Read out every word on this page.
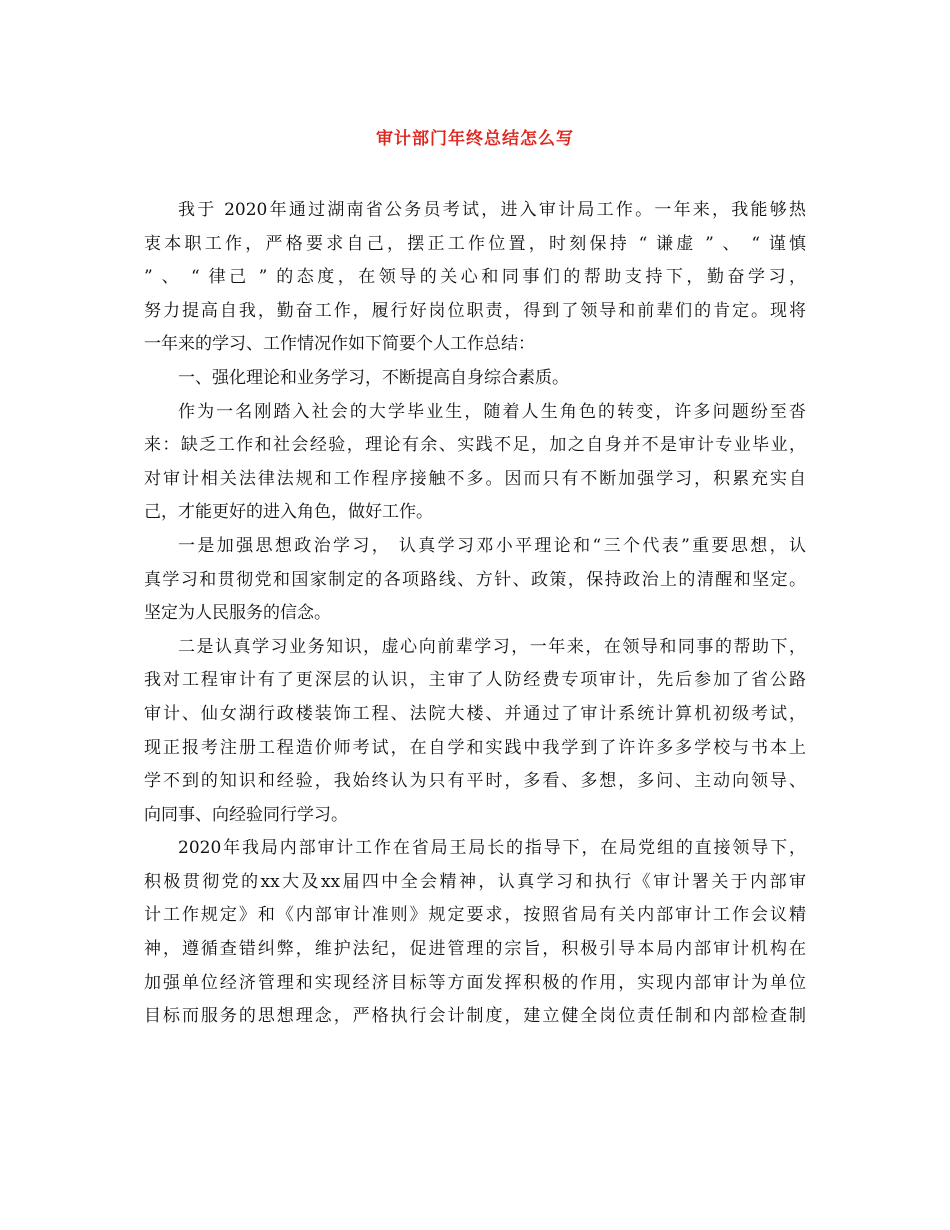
审计部门年终总结怎么写
我于 2020年通过湖南省公务员考试，进入审计局工作。一年来，我能够热
衷本职工作，严格要求自己，摆正工作位置，时刻保持 “ 谦虚 ” 、 “ 谨慎
” 、 “ 律己 ” 的态度，在领导的关心和同事们的帮助支持下，勤奋学习，
努力提高自我，勤奋工作，履行好岗位职责，得到了领导和前辈们的肯定。现将
一年来的学习、工作情况作如下简要个人工作总结：
一、强化理论和业务学习，不断提高自身综合素质。
作为一名刚踏入社会的大学毕业生，随着人生角色的转变，许多问题纷至沓
来：缺乏工作和社会经验，理论有余、实践不足，加之自身并不是审计专业毕业，
对审计相关法律法规和工作程序接触不多。因而只有不断加强学习，积累充实自
己，才能更好的进入角色，做好工作。
一是加强思想政治学习， 认真学习邓小平理论和“三个代表”重要思想，认
真学习和贯彻党和国家制定的各项路线、方针、政策，保持政治上的清醒和坚定。
坚定为人民服务的信念。
二是认真学习业务知识，虚心向前辈学习，一年来，在领导和同事的帮助下，
我对工程审计有了更深层的认识，主审了人防经费专项审计，先后参加了省公路
审计、仙女湖行政楼装饰工程、法院大楼、并通过了审计系统计算机初级考试，
现正报考注册工程造价师考试，在自学和实践中我学到了许许多多学校与书本上
学不到的知识和经验，我始终认为只有平时，多看、多想，多问、主动向领导、
向同事、向经验同行学习。
2020年我局内部审计工作在省局王局长的指导下，在局党组的直接领导下，
积极贯彻党的xx大及xx届四中全会精神，认真学习和执行《审计署关于内部审
计工作规定》和《内部审计准则》规定要求，按照省局有关内部审计工作会议精
神，遵循查错纠弊，维护法纪，促进管理的宗旨，积极引导本局内部审计机构在
加强单位经济管理和实现经济目标等方面发挥积极的作用，实现内部审计为单位
目标而服务的思想理念，严格执行会计制度，建立健全岗位责任制和内部检查制
